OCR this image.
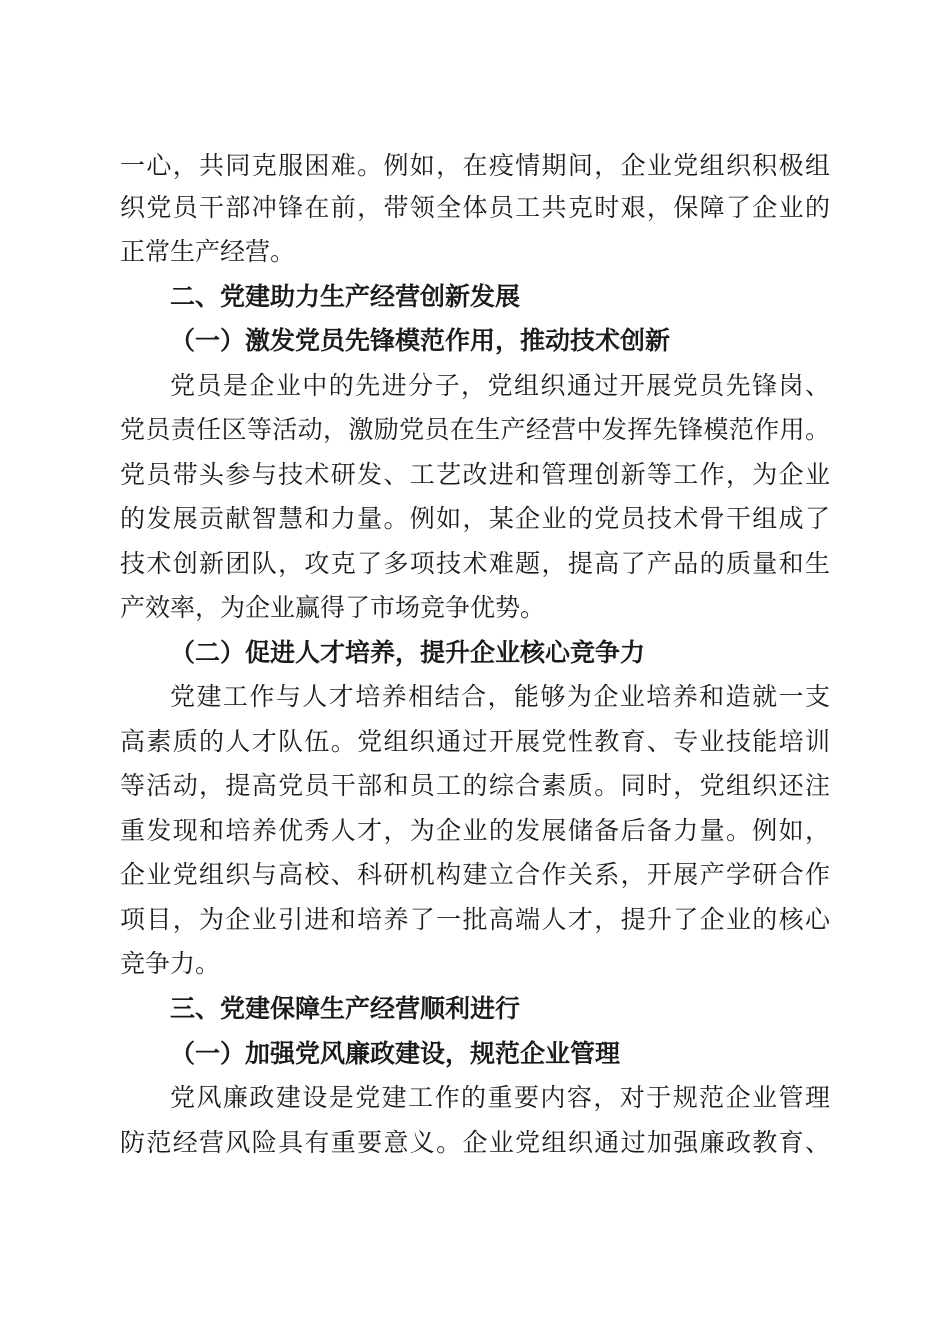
一心，共同克服困难。例如，在疫情期间，企业党组织积极组
织党员干部冲锋在前，带领全体员工共克时艰，保障了企业的
正常生产经营。
二、党建助力生产经营创新发展
（一）激发党员先锋模范作用，推动技术创新
党员是企业中的先进分子，党组织通过开展党员先锋岗、
党员责任区等活动，激励党员在生产经营中发挥先锋模范作用。
党员带头参与技术研发、工艺改进和管理创新等工作，为企业
的发展贡献智慧和力量。例如，某企业的党员技术骨干组成了
技术创新团队，攻克了多项技术难题，提高了产品的质量和生
产效率，为企业赢得了市场竞争优势。
（二）促进人才培养，提升企业核心竞争力
党建工作与人才培养相结合，能够为企业培养和造就一支
高素质的人才队伍。党组织通过开展党性教育、专业技能培训
等活动，提高党员干部和员工的综合素质。同时，党组织还注
重发现和培养优秀人才，为企业的发展储备后备力量。例如，
企业党组织与高校、科研机构建立合作关系，开展产学研合作
项目，为企业引进和培养了一批高端人才，提升了企业的核心
竞争力。
三、党建保障生产经营顺利进行
（一）加强党风廉政建设，规范企业管理
党风廉政建设是党建工作的重要内容，对于规范企业管理
防范经营风险具有重要意义。企业党组织通过加强廉政教育、
